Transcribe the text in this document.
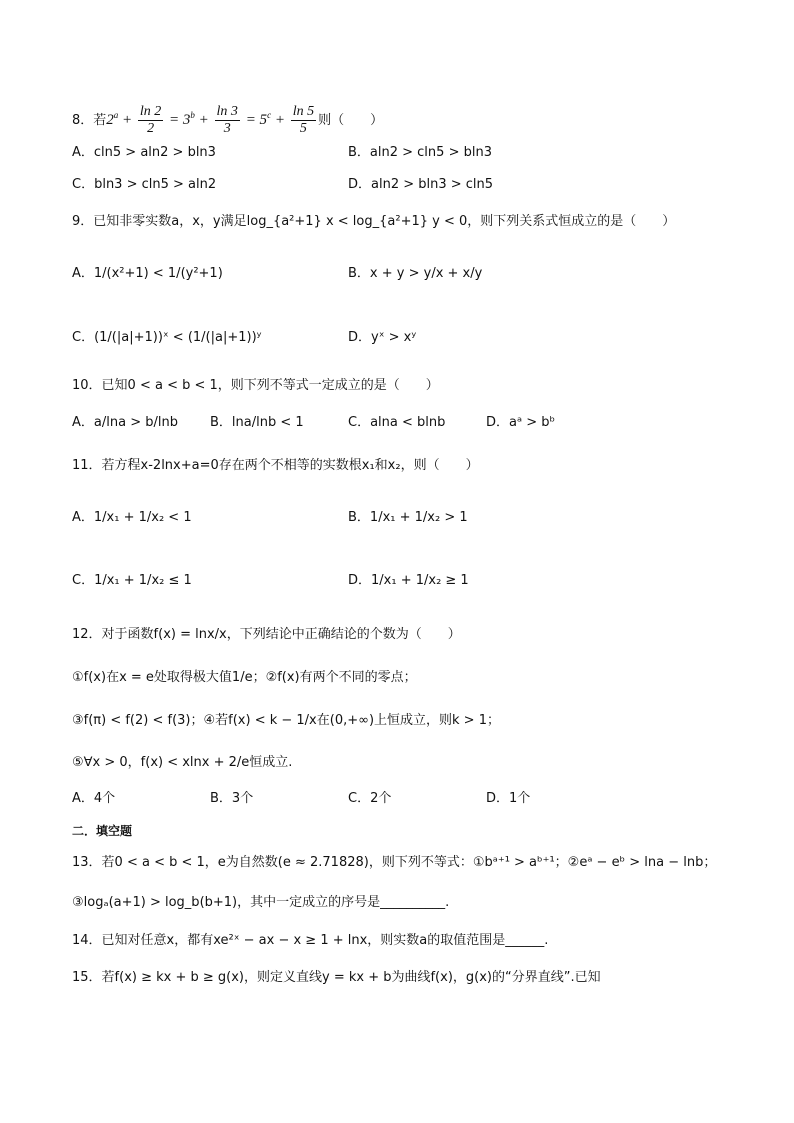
8．若$2^a + \frac{\ln 2}{2} = 3^b + \frac{\ln 3}{3} = 5^c + \frac{\ln 5}{5}$ 则（　　）
A．cln5 > aln2 > bln3	B．aln2 > cln5 > bln3
C．bln3 > cln5 > aln2	D．aln2 > bln3 > cln5
9．已知非零实数a，x，y满足log_{a²+1} x < log_{a²+1} y < 0，则下列关系式恒成立的是（　　）
A．1/(x²+1) < 1/(y²+1)	B．x + y > y/x + x/y
C．(1/(|a|+1))ˣ < (1/(|a|+1))ʸ	D．yˣ > xʸ
10．已知0 < a < b < 1，则下列不等式一定成立的是（　　）
A．a/lna > b/lnb B．lna/lnb < 1	C．alna < blnb	D．aᵃ > bᵇ
11．若方程x-2lnx+a=0存在两个不相等的实数根x₁和x₂，则（　　）
A．1/x₁ + 1/x₂ < 1	B．1/x₁ + 1/x₂ > 1
C．1/x₁ + 1/x₂ ≤ 1	D．1/x₁ + 1/x₂ ≥ 1
12．对于函数f(x) = lnx/x，下列结论中正确结论的个数为（　　）
①f(x)在x = e处取得极大值1/e；②f(x)有两个不同的零点；
③f(π) < f(2) < f(3)；④若f(x) < k − 1/x在(0,+∞)上恒成立，则k > 1；
⑤∀x > 0，f(x) < xlnx + 2/e恒成立.
A．4个	B．3个	C．2个	D．1个
二．填空题
13．若0 < a < b < 1，e为自然数(e ≈ 2.71828)，则下列不等式：①bᵃ⁺¹ > aᵇ⁺¹；②eᵃ − eᵇ > lna − lnb；
③logₐ(a+1) > log_b(b+1)，其中一定成立的序号是__________.
14．已知对任意x，都有xe²ˣ − ax − x ≥ 1 + lnx，则实数a的取值范围是______.
15．若f(x) ≥ kx + b ≥ g(x)，则定义直线y = kx + b为曲线f(x)，g(x)的“分界直线”.已知
